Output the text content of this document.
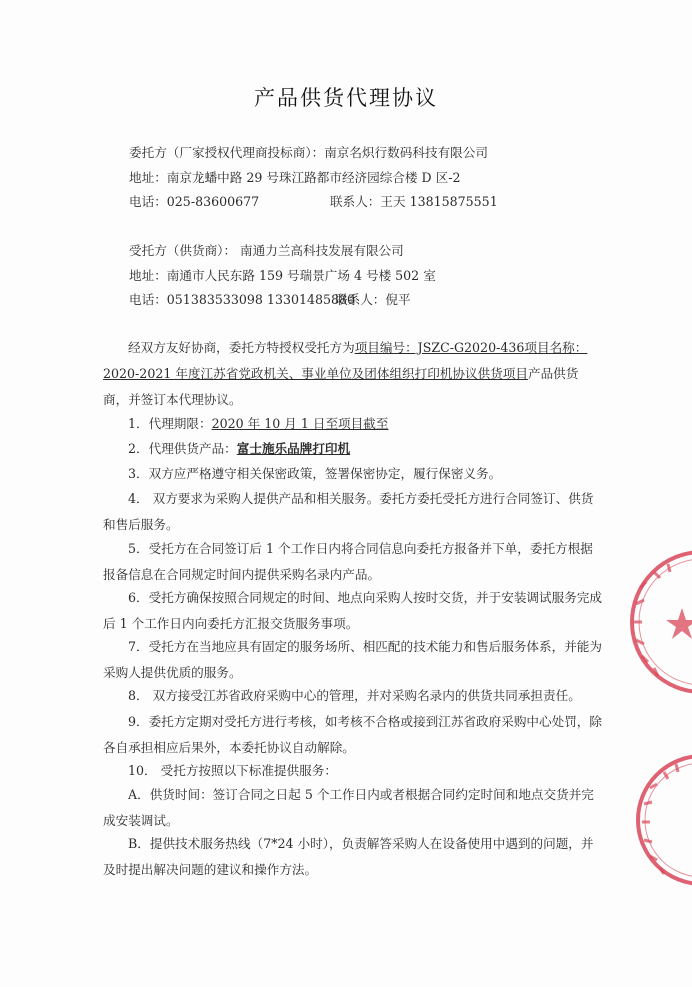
产品供货代理协议
委托方（厂家授权代理商投标商）：南京名炽行数码科技有限公司
地址：南京龙蟠中路 29 号珠江路都市经济园综合楼 D 区-2
电话：025-83600677	联系人：王天 13815875551
受托方（供货商）： 南通力兰高科技发展有限公司
地址：南通市人民东路 159 号瑞景广场 4 号楼 502 室
电话：051383533098 13301485880
联系人：倪平
经双方友好协商，委托方特授权受托方为项目编号：JSZC-G2020-436项目名称：2020-2021 年度江苏省党政机关、事业单位及团体组织打印机协议供货项目产品供货商，并签订本代理协议。
1．代理期限：2020 年 10 月 1 日至项目截至
2．代理供货产品：富士施乐品牌打印机
3．双方应严格遵守相关保密政策，签署保密协定，履行保密义务。
4． 双方要求为采购人提供产品和相关服务。委托方委托受托方进行合同签订、供货和售后服务。
5．受托方在合同签订后 1 个工作日内将合同信息向委托方报备并下单，委托方根据报备信息在合同规定时间内提供采购名录内产品。
6．受托方确保按照合同规定的时间、地点向采购人按时交货，并于安装调试服务完成后 1 个工作日内向委托方汇报交货服务事项。
7．受托方在当地应具有固定的服务场所、相匹配的技术能力和售后服务体系，并能为采购人提供优质的服务。
8． 双方接受江苏省政府采购中心的管理，并对采购名录内的供货共同承担责任。
9．委托方定期对受托方进行考核，如考核不合格或接到江苏省政府采购中心处罚，除各自承担相应后果外，本委托协议自动解除。
10． 受托方按照以下标准提供服务：
A．供货时间：签订合同之日起 5 个工作日内或者根据合同约定时间和地点交货并完成安装调试。
B．提供技术服务热线（7*24 小时），负责解答采购人在设备使用中遇到的问题，并及时提出解决问题的建议和操作方法。
